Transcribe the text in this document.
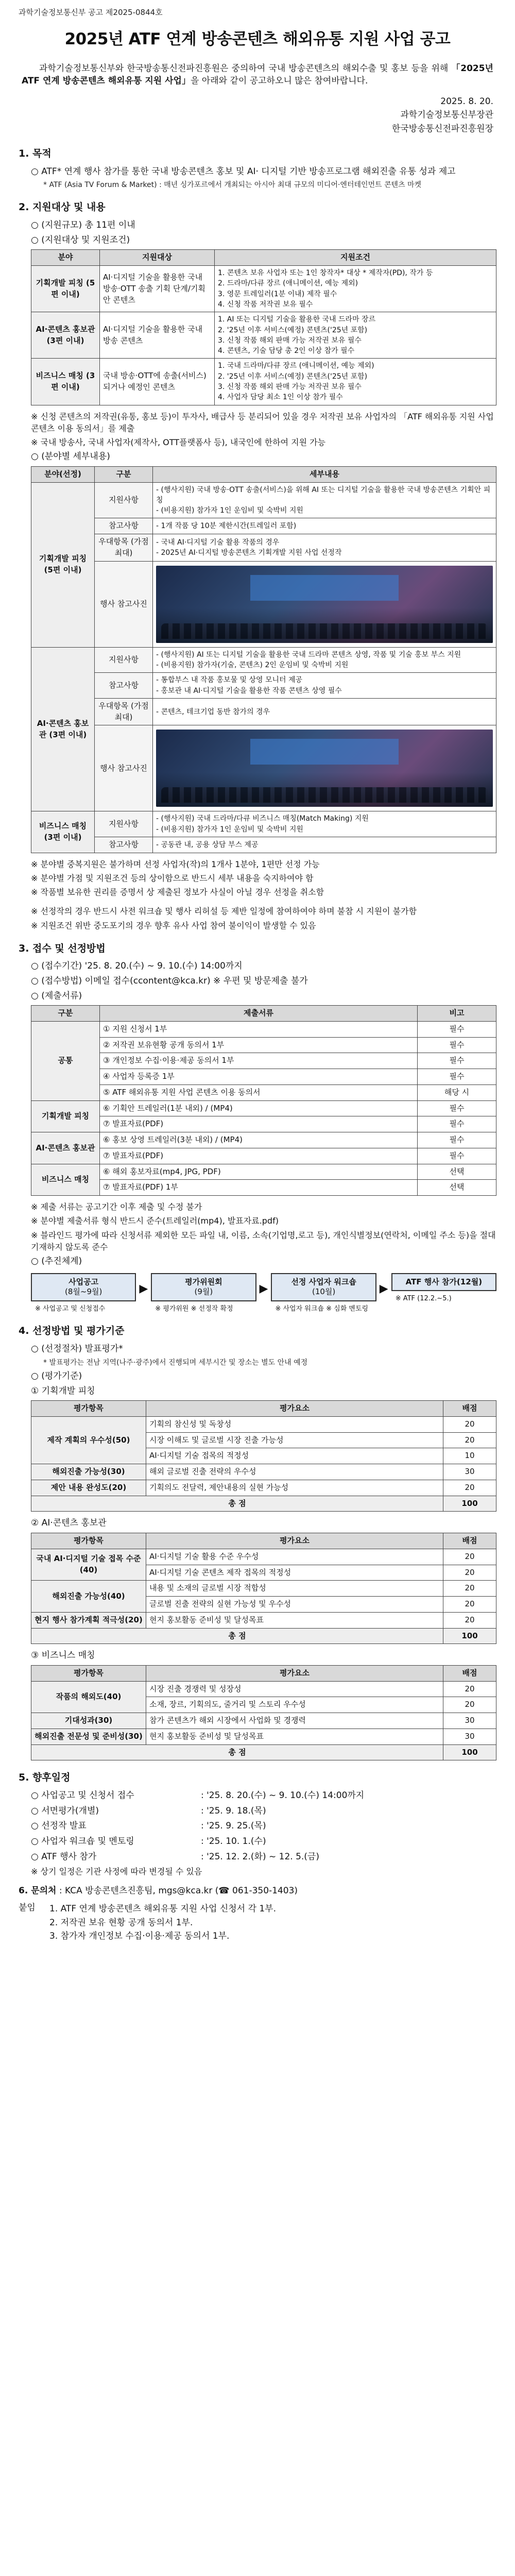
과학기술정보통신부 공고 제2025-0844호
2025년 ATF 연계 방송콘텐츠 해외유통 지원 사업 공고

과학기술정보통신부와 한국방송통신전파진흥원은 중의하여 국내 방송콘텐츠의 해외수출 및 홍보 등을 위해 「2025년 ATF 연계 방송콘텐츠 해외유통 지원 사업」을 아래와 같이 공고하오니 많은 참여바랍니다.

2025. 8. 20.
과학기술정보통신부장관
한국방송통신전파진흥원장
1. 목적
○ ATF* 연계 행사 참가를 통한 국내 방송콘텐츠 홍보 및 AI· 디지털 기반 방송프로그램 해외진출 유통 성과 제고
* ATF (Asia TV Forum & Market) : 매년 싱가포르에서 개최되는 아시아 최대 규모의 미디어·엔터테인먼트 콘텐츠 마켓
2. 지원대상 및 내용
○ (지원규모) 총 11편 이내
○ (지원대상 및 지원조건)
분야	지원대상	지원조건
기획개발 피칭 (5편 이내)	AI·디지털 기술을 활용한 국내 방송·OTT 송출 기획 단계/기획안 콘텐츠	1. 콘텐츠 보유 사업자 또는 1인 창작자* 대상 * 제작자(PD), 작가 등
2. 드라마/다큐 장르 (애니메이션, 예능 제외)
3. 영문 트레일러(1분 이내) 제작 필수
4. 신청 작품 저작권 보유 필수
AI·콘텐츠 홍보관 (3편 이내)	AI·디지털 기술을 활용한 국내 방송 콘텐츠	1. AI 또는 디지털 기술을 활용한 국내 드라마 장르
2. '25년 이후 서비스(예정) 콘텐츠('25년 포함)
3. 신청 작품 해외 판매 가능 저작권 보유 필수
4. 콘텐츠, 기술 담당 총 2인 이상 참가 필수
비즈니스 매칭 (3편 이내)	국내 방송·OTT에 송출(서비스) 되거나 예정인 콘텐츠	1. 국내 드라마/다큐 장르 (애니메이션, 예능 제외)
2. '25년 이후 서비스(예정) 콘텐츠('25년 포함)
3. 신청 작품 해외 판매 가능 저작권 보유 필수
4. 사업자 담당 최소 1인 이상 참가 필수
※ 신청 콘텐츠의 저작권(유통, 홍보 등)이 투자사, 배급사 등 분리되어 있을 경우 저작권 보유 사업자의 「ATF 해외유통 지원 사업 콘텐츠 이용 동의서」를 제출
※ 국내 방송사, 국내 사업자(제작사, OTT플랫폼사 등), 내국인에 한하여 지원 가능
○ (분야별 세부내용)
분야(선정)	구분	세부내용
기획개발 피칭 (5편 이내)	지원사항	- (행사지원) 국내 방송·OTT 송출(서비스)을 위해 AI 또는 디지털 기술을 활용한 국내 방송콘텐츠 기획안 피칭
- (비용지원) 참가자 1인 운임비 및 숙박비 지원
	참고사항	- 1개 작품 당 10분 제한시간(트레일러 포함)
	우대항목 (가점 최대)	- 국내 AI·디지털 기술 활용 작품의 경우
- 2025년 AI·디지털 방송콘텐츠 기획개발 지원 사업 선정작
	행사 참고사진	

AI·콘텐츠 홍보관 (3편 이내)	지원사항	- (행사지원) AI 또는 디지털 기술을 활용한 국내 드라마 콘텐츠 상영, 작품 및 기술 홍보 부스 지원
- (비용지원) 참가자(기술, 콘텐츠) 2인 운임비 및 숙박비 지원
	참고사항	- 통합부스 내 작품 홍보물 및 상영 모니터 제공
- 홍보관 내 AI·디지털 기술을 활용한 작품 콘텐츠 상영 필수
	우대항목 (가점 최대)	- 콘텐츠, 테크기업 동반 참가의 경우
	행사 참고사진	

비즈니스 매칭 (3편 이내)	지원사항	- (행사지원) 국내 드라마/다큐 비즈니스 매칭(Match Making) 지원
- (비용지원) 참가자 1인 운임비 및 숙박비 지원
	참고사항	- 공동관 내, 공용 상담 부스 제공
※ 분야별 중복지원은 불가하며 선정 사업자(작)의 1개사 1분야, 1편만 선정 가능
※ 분야별 가점 및 지원조건 등의 상이함으로 반드시 세부 내용을 숙지하여야 함
※ 작품별 보유한 권리를 증명서 상 제출된 정보가 사실이 아닐 경우 선정을 취소함
※ 선정작의 경우 반드시 사전 워크숍 및 행사 리허설 등 제반 일정에 참여하여야 하며 불참 시 지원이 불가함
※ 지원조건 위반 중도포기의 경우 향후 유사 사업 참여 불이익이 발생할 수 있음
3. 접수 및 선정방법
○ (접수기간) '25. 8. 20.(수) ~ 9. 10.(수) 14:00까지
○ (접수방법) 이메일 접수(ccontent@kca.kr) ※ 우편 및 방문제출 불가
○ (제출서류)
구분	제출서류	비고
공통	① 지원 신청서 1부	필수
	② 저작권 보유현황 공개 동의서 1부	필수
	③ 개인정보 수집·이용·제공 동의서 1부	필수
	④ 사업자 등록증 1부	필수
	⑤ ATF 해외유통 지원 사업 콘텐츠 이용 동의서	해당 시
기획개발 피칭	⑥ 기획안 트레일러(1분 내외) / (MP4)	필수
	⑦ 발표자료(PDF)	필수
AI·콘텐츠 홍보관	⑥ 홍보 상영 트레일러(3분 내외) / (MP4)	필수
	⑦ 발표자료(PDF)	필수
비즈니스 매칭	⑥ 해외 홍보자료(mp4, JPG, PDF)	선택
	⑦ 발표자료(PDF) 1부	선택
※ 제출 서류는 공고기간 이후 제출 및 수정 불가
※ 분야별 제출서류 형식 반드시 준수(트레일러(mp4), 발표자료.pdf)
※ 블라인드 평가에 따라 신청서류 제외한 모든 파일 내, 이름, 소속(기업명,로고 등), 개인식별정보(연락처, 이메일 주소 등)을 절대 기재하지 않도록 준수
○ (추진체계)
사업공고
(8월~9월)
※ 사업공고 및 신청접수
▶
평가위원회
(9월)
※ 평가위원 ※ 선정작 확정
▶
선정 사업자 워크숍
(10월)
※ 사업자 워크숍 ※ 심화 멘토링
▶
ATF 행사 참가(12월)
※ ATF (12.2.~5.)
4. 선정방법 및 평가기준
○ (선정절차) 발표평가*
* 발표평가는 전남 지역(나주·광주)에서 진행되며 세부시간 및 장소는 별도 안내 예정
○ (평가기준)
① 기획개발 피칭
평가항목	평가요소	배점
제작 계획의 우수성(50)	기획의 참신성 및 독창성	20
	시장 이해도 및 글로벌 시장 진출 가능성	20
	AI·디지털 기술 접목의 적정성	10
해외진출 가능성(30)	해외 글로벌 진출 전략의 우수성	30
제안 내용 완성도(20)	기획의도 전달력, 제안내용의 실현 가능성	20
총 점		100
② AI·콘텐츠 홍보관
평가항목	평가요소	배점
국내 AI·디지털 기술 접목 수준(40)	AI·디지털 기술 활용 수준 우수성	20
	AI·디지털 기술 콘텐츠 제작 접목의 적정성	20
해외진출 가능성(40)	내용 및 소재의 글로벌 시장 적합성	20
	글로벌 진출 전략의 실현 가능성 및 우수성	20
현지 행사 참가계획 적극성(20)	현지 홍보활동 준비성 및 달성목표	20
총 점		100
③ 비즈니스 매칭
평가항목	평가요소	배점
작품의 해외도(40)	시장 진출 경쟁력 및 성장성	20
	소재, 장르, 기획의도, 줄거리 및 스토리 우수성	20
기대성과(30)	참가 콘텐츠가 해외 시장에서 사업화 및 경쟁력	30
해외진출 전문성 및 준비성(30)	현지 홍보활동 준비성 및 달성목표	30
총 점		100
5. 향후일정
○ 사업공고 및 신청서 접수	: '25. 8. 20.(수) ~ 9. 10.(수) 14:00까지
○ 서면평가(개별)	: '25. 9. 18.(목)
○ 선정작 발표	: '25. 9. 25.(목)
○ 사업자 워크숍 및 멘토링	: '25. 10. 1.(수)
○ ATF 행사 참가	: '25. 12. 2.(화) ~ 12. 5.(금)
※ 상기 일정은 기관 사정에 따라 변경될 수 있음
6. 문의처 : KCA 방송콘텐츠진흥팀, mgs@kca.kr (☎ 061-350-1403)
붙임	1. ATF 연계 방송콘텐츠 해외유통 지원 사업 신청서 각 1부.
2. 저작권 보유 현황 공개 동의서 1부.
3. 참가자 개인정보 수집·이용·제공 동의서 1부.
